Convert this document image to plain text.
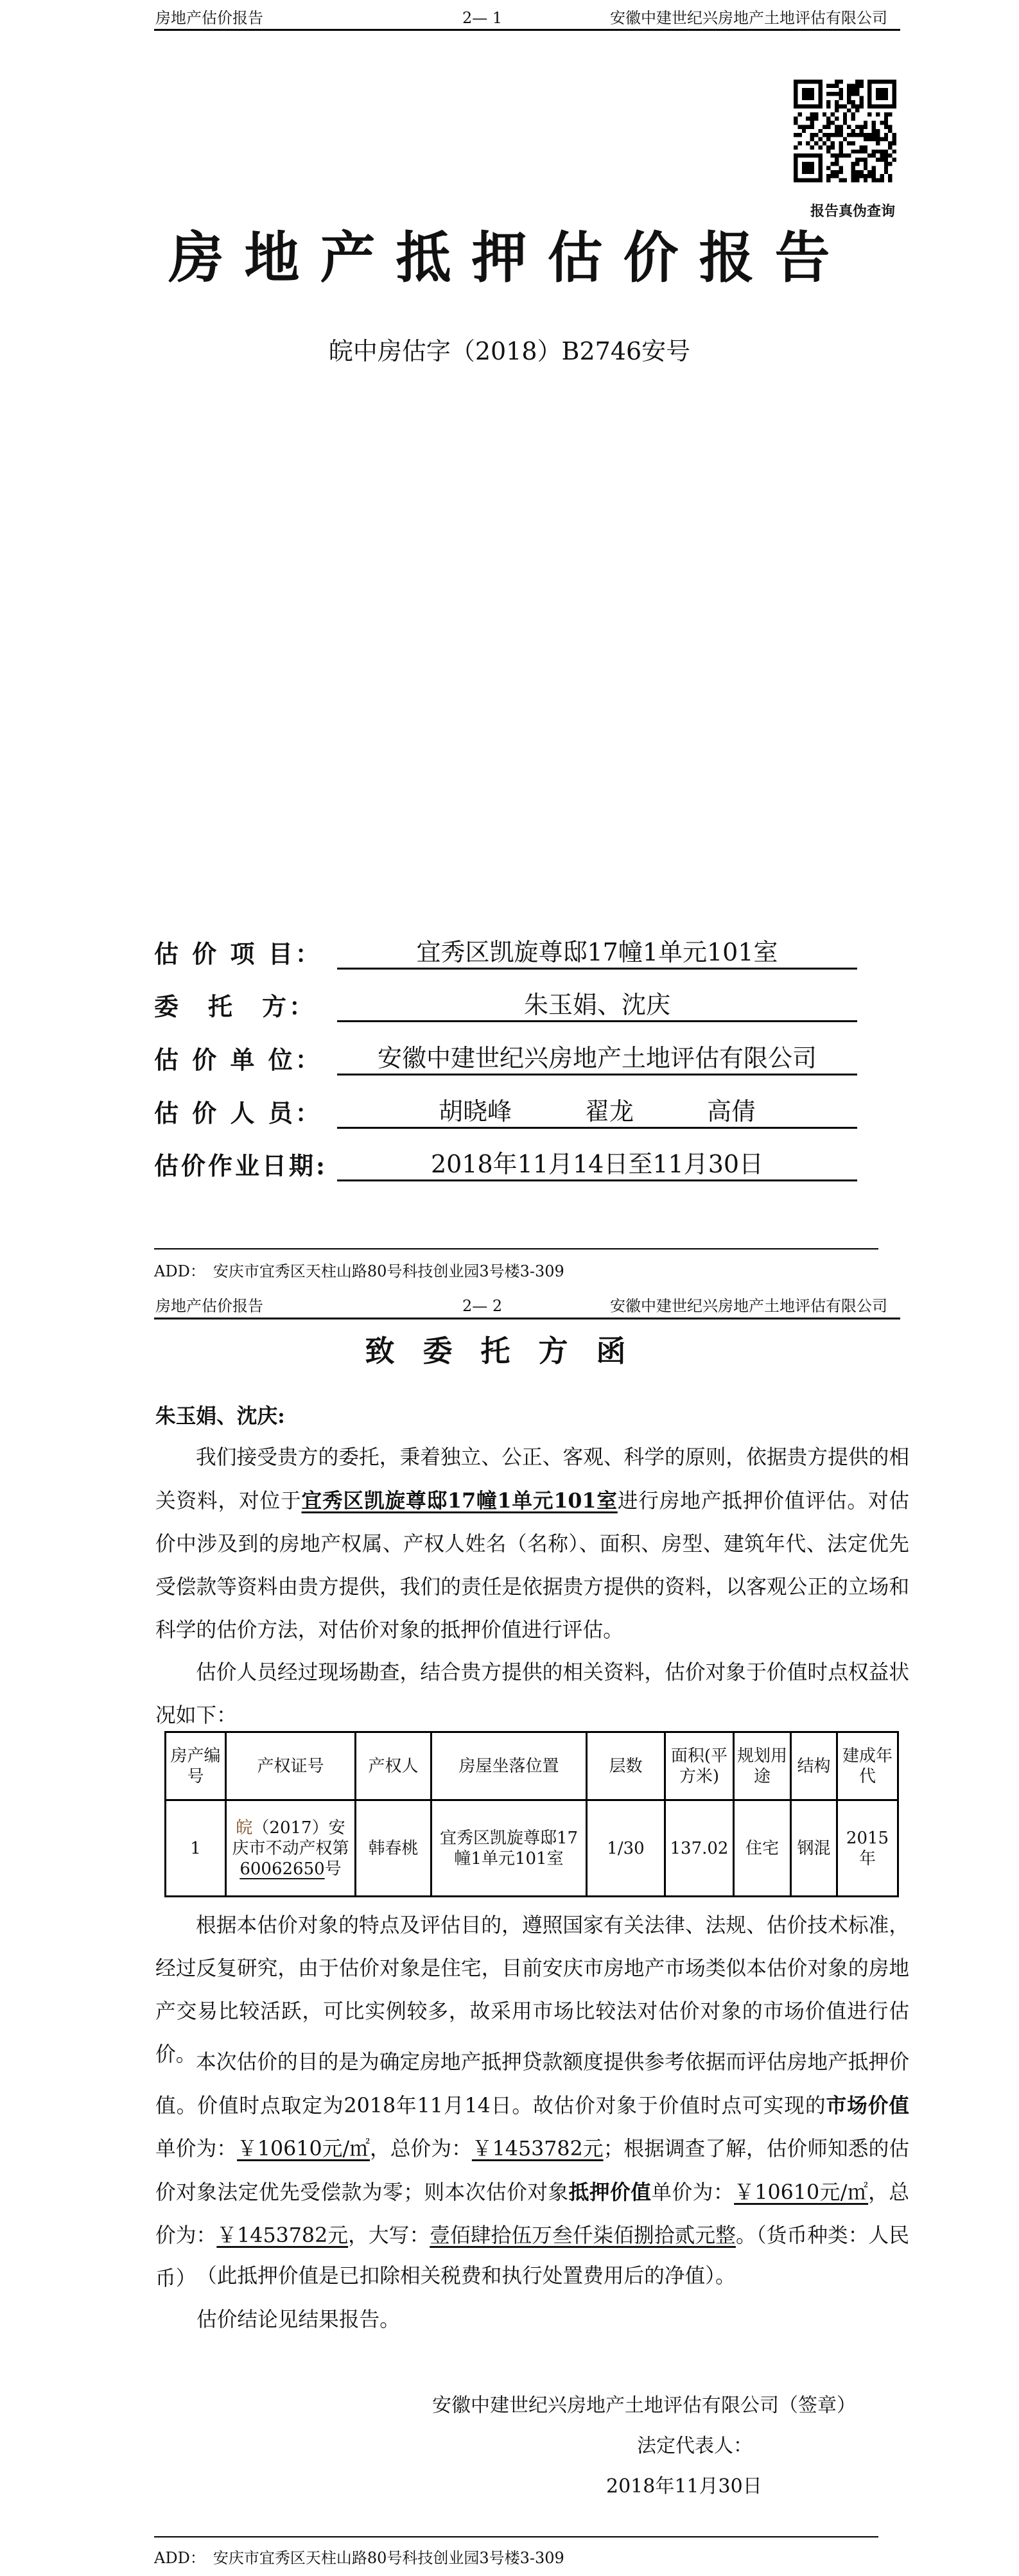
房地产估价报告	2— 1	安徽中建世纪兴房地产土地评估有限公司
报告真伪查询
房地产抵押估价报告
皖中房估字（2018）B2746安号
估 价 项 目：	宜秀区凯旋尊邸17幢1单元101室
委　托　方：	朱玉娟、沈庆
估 价 单 位：	安徽中建世纪兴房地产土地评估有限公司
估 价 人 员：	胡晓峰　　　翟龙　　　高倩
估价作业日期:	2018年11月14日至11月30日
ADD：　安庆市宜秀区天柱山路80号科技创业园3号楼3-309
房地产估价报告	2— 2	安徽中建世纪兴房地产土地评估有限公司
致委托方函
朱玉娟、沈庆:
我们接受贵方的委托，秉着独立、公正、客观、科学的原则，依据贵方提供的相关资料，对位于宜秀区凯旋尊邸17幢1单元101室进行房地产抵押价值评估。对估价中涉及到的房地产权属、产权人姓名（名称）、面积、房型、建筑年代、法定优先受偿款等资料由贵方提供，我们的责任是依据贵方提供的资料，以客观公正的立场和科学的估价方法，对估价对象的抵押价值进行评估。
估价人员经过现场勘查，结合贵方提供的相关资料，估价对象于价值时点权益状况如下：
房产编号	产权证号	产权人	房屋坐落位置	层数	面积(平方米)	规划用途	结构	建成年代
1	皖（2017）安庆市不动产权第60062650号	韩春桃	宜秀区凯旋尊邸17幢1单元101室	1/30	137.02	住宅	钢混	2015年
根据本估价对象的特点及评估目的，遵照国家有关法律、法规、估价技术标准，经过反复研究，由于估价对象是住宅，目前安庆市房地产市场类似本估价对象的房地产交易比较活跃，可比实例较多，故采用市场比较法对估价对象的市场价值进行估价。 本次估价的目的是为确定房地产抵押贷款额度提供参考依据而评估房地产抵押价值。价值时点取定为2018年11月14日。故估价对象于价值时点可实现的市场价值单价为：￥10610元/㎡，总价为：￥1453782元；根据调查了解，估价师知悉的估价对象法定优先受偿款为零；则本次估价对象抵押价值单价为：￥10610元/㎡，总价为：￥1453782元，大写：壹佰肆拾伍万叁仟柒佰捌拾贰元整。（货币种类：人民币） （此抵押价值是已扣除相关税费和执行处置费用后的净值）。
估价结论见结果报告。
安徽中建世纪兴房地产土地评估有限公司（签章）
法定代表人：
2018年11月30日
ADD：　安庆市宜秀区天柱山路80号科技创业园3号楼3-309
